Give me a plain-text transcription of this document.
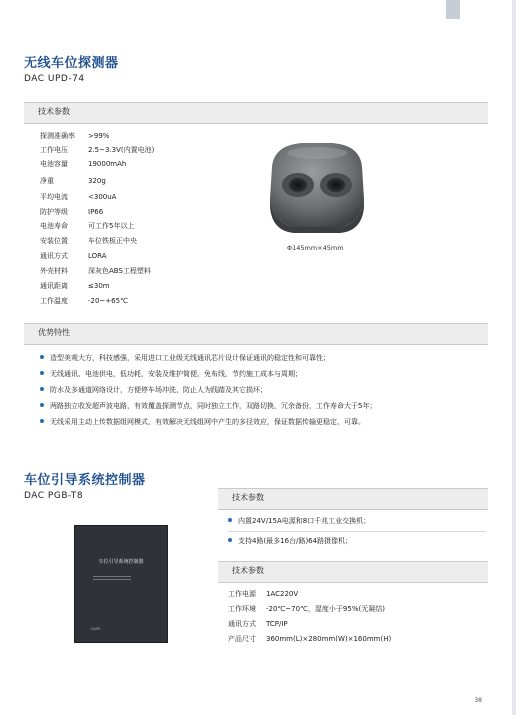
无线车位探测器
DAC UPD-74
技术参数
探测准确率 >99%
工作电压	2.5~3.3V(内置电池)
电池容量	19000mAh
净重	320g
平均电流	<300uA
防护等级	IP66
电池寿命	可工作5年以上
安装位置	车位铁板正中央
通讯方式	LORA
外壳材料	深灰色ABS工程塑料
通讯距离	≤30m
工作温度	-20~+65℃
Φ145mm×45mm
优势特性
造型美观大方，科技感强，采用进口工业级无线通讯芯片设计保证通讯的稳定性和可靠性；
无线通讯、电池供电，低功耗，安装及维护简便，免布线，节约施工成本与周期；
防水及多通道网络设计，方便停车场冲洗，防止人为践踏及其它损坏；
两路独立收发超声波电路，有效覆盖探测节点，同时独立工作，双路切换，冗余备份，工作寿命大于5年；
无线采用主动上传数据组网模式，有效解决无线组网中产生的多径效应，保证数据传输更稳定、可靠。
车位引导系统控制器
DAC PGB-T8
车位引导系统控制器
DAPK
技术参数
内置24V/15A电源和8口千兆工业交换机；
支持4路(最多16台/路)64路摄像机；
技术参数
工作电源 1AC220V
工作环境 -20℃~70℃，湿度小于95%(无凝结)
通讯方式 TCP/IP
产品尺寸 360mm(L)×280mm(W)×160mm(H)
38
